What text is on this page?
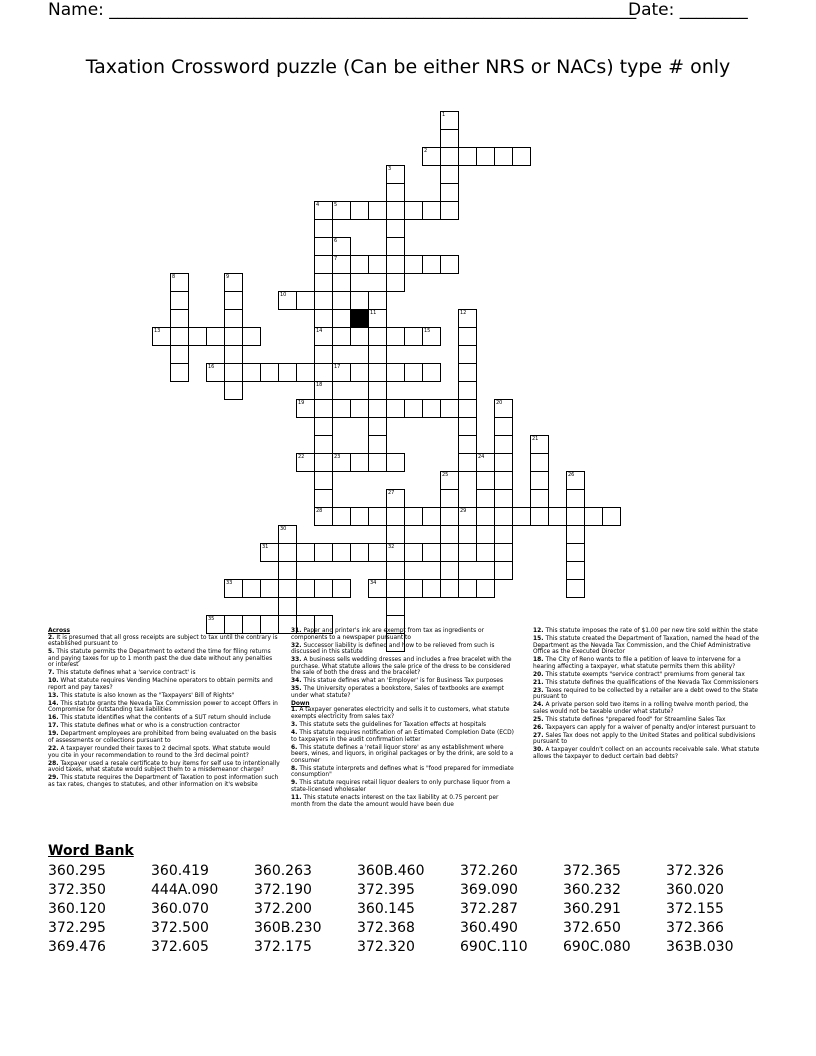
Name: ______________________________________________________________
Date: ________
Taxation Crossword puzzle (Can be either NRS or NACs) type # only
1
2
3
4
14
5
6
7
8
10
11	12
13	15
16	17
18
28
19	20
21
22	23	24
25	26
27
32
29
30
31
33	34
35
9
Across
2. It is presumed that all gross receipts are subject to tax until the contrary is established pursuant to
5. This statute permits the Department to extend the time for filing returns and paying taxes for up to 1 month past the due date without any penalties or interest
7. This statute defines what a 'service contract' is
10. What statute requires Vending Machine operators to obtain permits and report and pay taxes?
13. This statute is also known as the "Taxpayers' Bill of Rights"
14. This statute grants the Nevada Tax Commission power to accept Offers in Compromise for outstanding tax liabilities
16. This statute identifies what the contents of a SUT return should include
17. This statute defines what or who is a construction contractor
19. Department employees are prohibited from being evaluated on the basis of assessments or collections pursuant to
22. A taxpayer rounded their taxes to 2 decimal spots. What statute would you cite in your recommendation to round to the 3rd decimal point?
28. Taxpayer used a resale certificate to buy items for self use to intentionally avoid taxes, what statute would subject them to a misdemeanor charge?
29. This statute requires the Department of Taxation to post information such as tax rates, changes to statutes, and other information on it's website
31. Paper and printer's ink are exempt from tax as ingredients or components to a newspaper pursuant to
32. Successor liability is defined and how to be relieved from such is discussed in this statute
33. A business sells wedding dresses and includes a free bracelet with the purchase. What statute allows the sale price of the dress to be considered the sale of both the dress and the bracelet?
34. This statue defines what an 'Employer' is for Business Tax purposes
35. The University operates a bookstore, Sales of textbooks are exempt under what statute?
Down
1. A taxpayer generates electricity and sells it to customers, what statute exempts electricity from sales tax?
3. This statute sets the guidelines for Taxation effects at hospitals
4. This statute requires notification of an Estimated Completion Date (ECD) to taxpayers in the audit confirmation letter
6. This statute defines a 'retail liquor store' as any establishment where beers, wines, and liquors, in original packages or by the drink, are sold to a consumer
8. This statute interprets and defines what is "food prepared for immediate consumption"
9. This statute requires retail liquor dealers to only purchase liquor from a state-licensed wholesaler
11. This statute enacts interest on the tax liability at 0.75 percent per month from the date the amount would have been due
12. This statute imposes the rate of $1.00 per new tire sold within the state
15. This statute created the Department of Taxation, named the head of the Department as the Nevada Tax Commission, and the Chief Administrative Office as the Executed Director
18. The City of Reno wants to file a petition of leave to intervene for a hearing affecting a taxpayer, what statute permits them this ability?
20. This statute exempts "service contract" premiums from general tax
21. This statute defines the qualifications of the Nevada Tax Commissioners
23. Taxes required to be collected by a retailer are a debt owed to the State pursuant to
24. A private person sold two items in a rolling twelve month period, the sales would not be taxable under what statute?
25. This statute defines "prepared food" for Streamline Sales Tax
26. Taxpayers can apply for a waiver of penalty and/or interest pursuant to
27. Sales Tax does not apply to the United States and political subdivisions pursuant to
30. A taxpayer couldn't collect on an accounts receivable sale. What statute allows the taxpayer to deduct certain bad debts?
Word Bank
360.295	360.419	360.263	360B.460	372.260	372.365	372.326
372.350	444A.090	372.190	372.395	369.090	360.232	360.020
360.120	360.070	372.200	360.145	372.287	360.291	372.155
372.295	372.500	360B.230	372.368	360.490	372.650	372.366
369.476	372.605	372.175	372.320	690C.110	690C.080	363B.030
